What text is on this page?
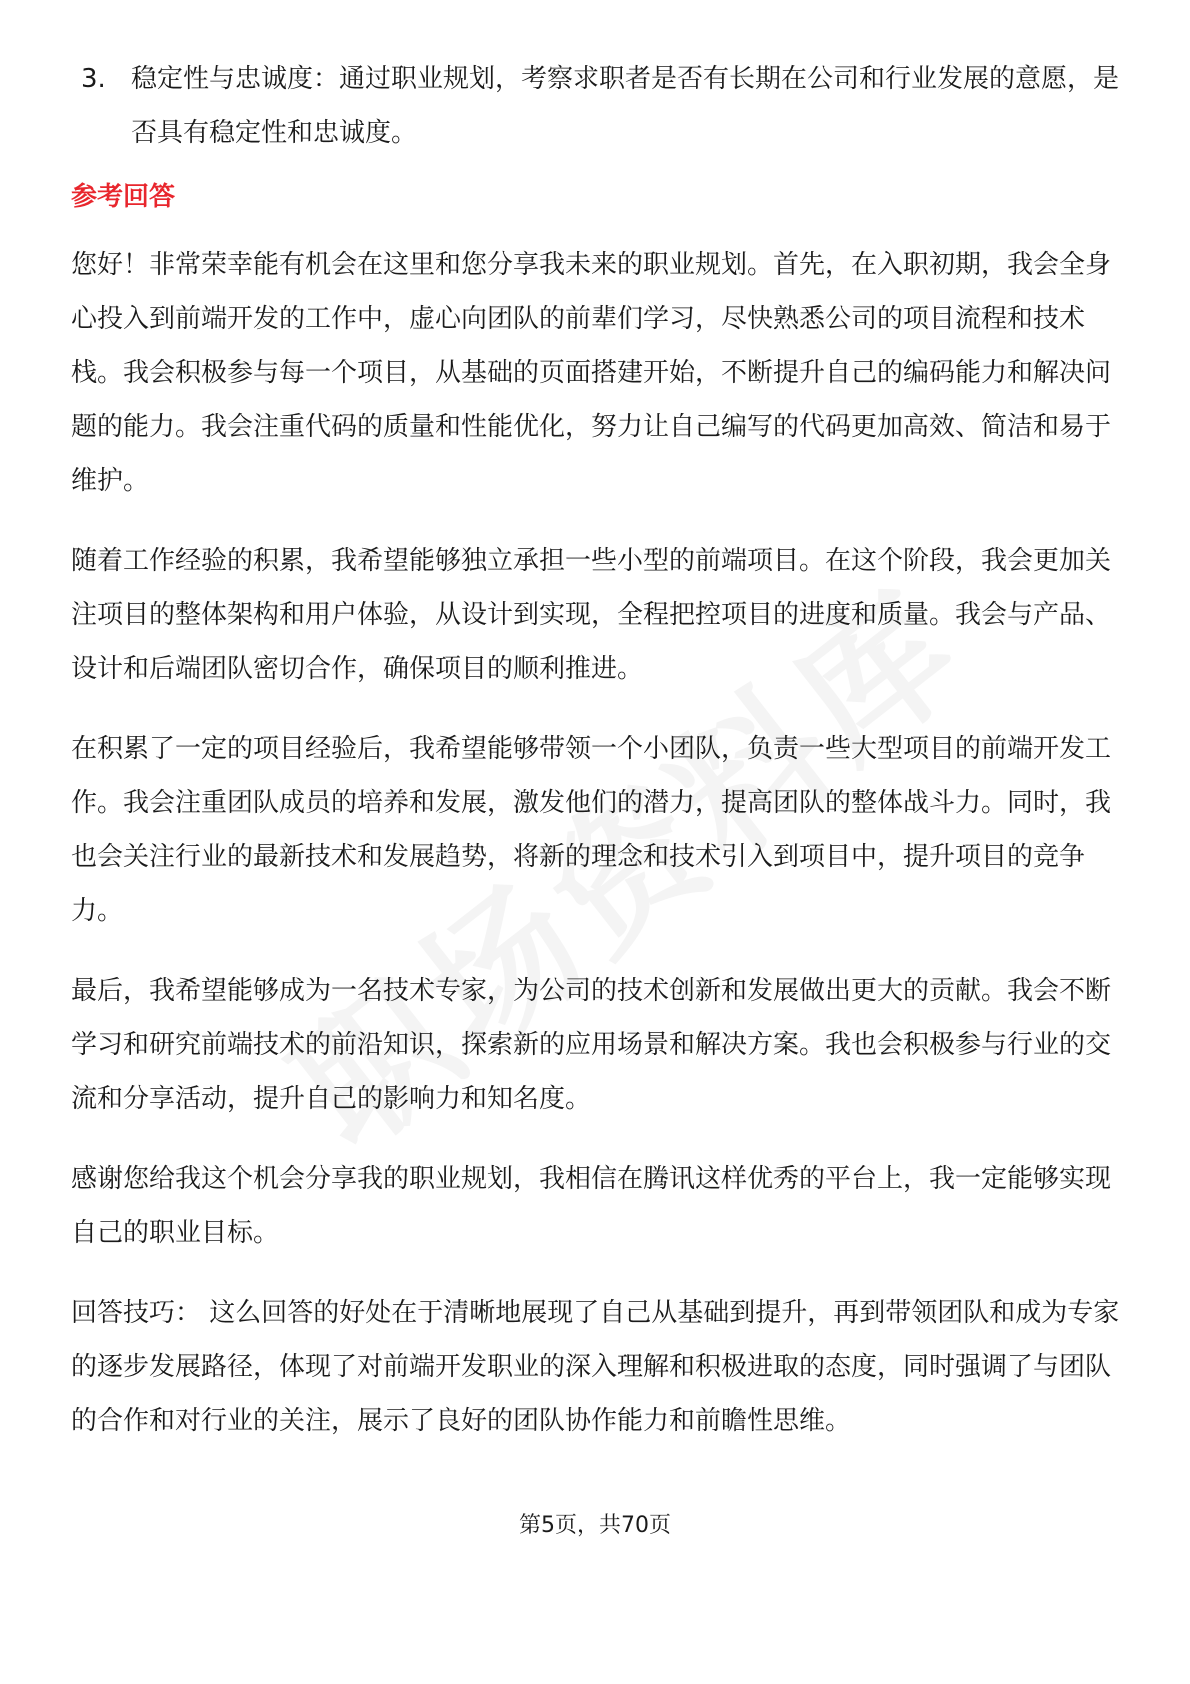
3. 稳定性与忠诚度：通过职业规划，考察求职者是否有长期在公司和行业发展的意愿，是否具有稳定性和忠诚度。
参考回答

您好！非常荣幸能有机会在这里和您分享我未来的职业规划。首先，在入职初期，我会全身心投入到前端开发的工作中，虚心向团队的前辈们学习，尽快熟悉公司的项目流程和技术栈。我会积极参与每一个项目，从基础的页面搭建开始，不断提升自己的编码能力和解决问题的能力。我会注重代码的质量和性能优化，努力让自己编写的代码更加高效、简洁和易于维护。

随着工作经验的积累，我希望能够独立承担一些小型的前端项目。在这个阶段，我会更加关注项目的整体架构和用户体验，从设计到实现，全程把控项目的进度和质量。我会与产品、设计和后端团队密切合作，确保项目的顺利推进。

在积累了一定的项目经验后，我希望能够带领一个小团队，负责一些大型项目的前端开发工作。我会注重团队成员的培养和发展，激发他们的潜力，提高团队的整体战斗力。同时，我也会关注行业的最新技术和发展趋势，将新的理念和技术引入到项目中，提升项目的竞争力。

最后，我希望能够成为一名技术专家，为公司的技术创新和发展做出更大的贡献。我会不断学习和研究前端技术的前沿知识，探索新的应用场景和解决方案。我也会积极参与行业的交流和分享活动，提升自己的影响力和知名度。

感谢您给我这个机会分享我的职业规划，我相信在腾讯这样优秀的平台上，我一定能够实现自己的职业目标。

回答技巧： 这么回答的好处在于清晰地展现了自己从基础到提升，再到带领团队和成为专家的逐步发展路径，体现了对前端开发职业的深入理解和积极进取的态度，同时强调了与团队的合作和对行业的关注，展示了良好的团队协作能力和前瞻性思维。

第5页，共70页
